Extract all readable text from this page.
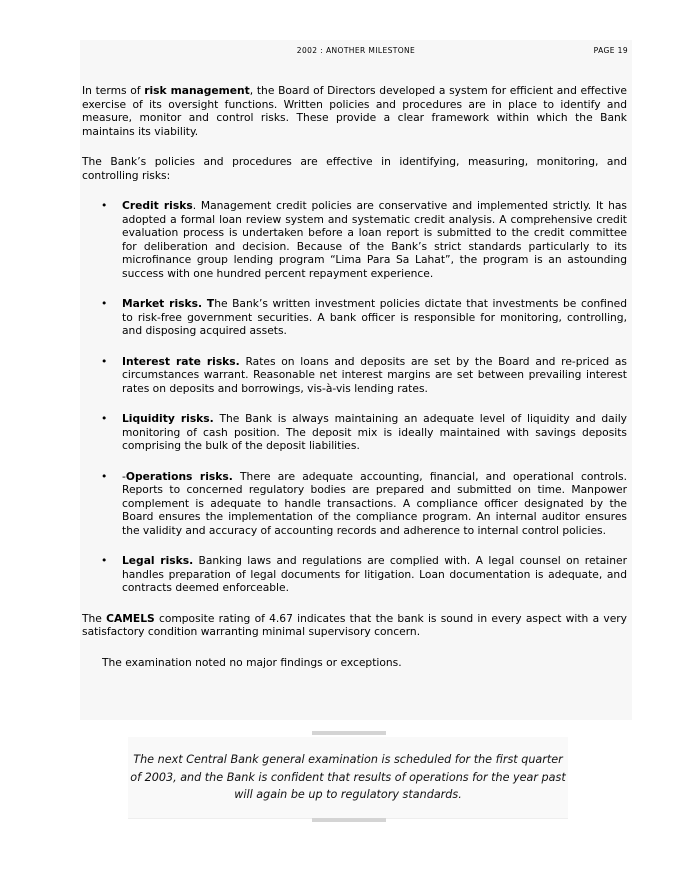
2002 : ANOTHER MILESTONE	PAGE 19

In terms of risk management, the Board of Directors developed a system for efficient and effective exercise of its oversight functions. Written policies and procedures are in place to identify and measure, monitor and control risks. These provide a clear framework within which the Bank maintains its viability.

The Bank’s policies and procedures are effective in identifying, measuring, monitoring, and controlling risks:

• Credit risks. Management credit policies are conservative and implemented strictly. It has adopted a formal loan review system and systematic credit analysis. A comprehensive credit evaluation process is undertaken before a loan report is submitted to the credit committee for deliberation and decision. Because of the Bank’s strict standards particularly to its microfinance group lending program “Lima Para Sa Lahat”, the program is an astounding success with one hundred percent repayment experience.
• Market risks. The Bank’s written investment policies dictate that investments be confined to risk-free government securities. A bank officer is responsible for monitoring, controlling, and disposing acquired assets.
• Interest rate risks. Rates on loans and deposits are set by the Board and re-priced as circumstances warrant. Reasonable net interest margins are set between prevailing interest rates on deposits and borrowings, vis-à-vis lending rates.
• Liquidity risks. The Bank is always maintaining an adequate level of liquidity and daily monitoring of cash position. The deposit mix is ideally maintained with savings deposits comprising the bulk of the deposit liabilities.
• -Operations risks. There are adequate accounting, financial, and operational controls. Reports to concerned regulatory bodies are prepared and submitted on time. Manpower complement is adequate to handle transactions. A compliance officer designated by the Board ensures the implementation of the compliance program. An internal auditor ensures the validity and accuracy of accounting records and adherence to internal control policies.
• Legal risks. Banking laws and regulations are complied with. A legal counsel on retainer handles preparation of legal documents for litigation. Loan documentation is adequate, and contracts deemed enforceable.

The CAMELS composite rating of 4.67 indicates that the bank is sound in every aspect with a very satisfactory condition warranting minimal supervisory concern.

The examination noted no major findings or exceptions.

The next Central Bank general examination is scheduled for the first quarter of 2003, and the Bank is confident that results of operations for the year past will again be up to regulatory standards.
